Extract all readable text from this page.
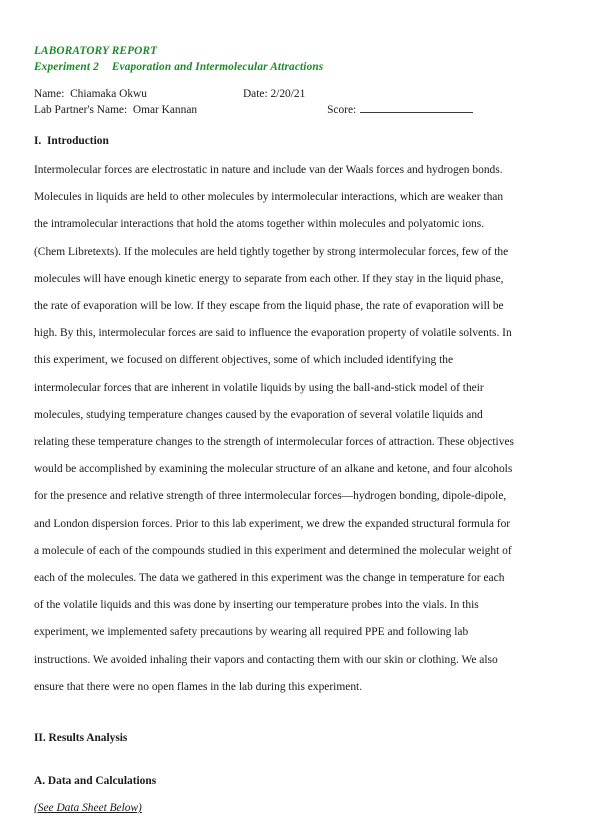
LABORATORY REPORT
Experiment 2 Evaporation and Intermolecular Attractions
Name:
Chiamaka Okwu	Date:
2/20/21
Lab Partner's Name:
Omar Kannan	Score:
I.  Introduction
Intermolecular forces are electrostatic in nature and include van der Waals forces and hydrogen bonds.
Molecules in liquids are held to other molecules by intermolecular interactions, which are weaker than
the intramolecular interactions that hold the atoms together within molecules and polyatomic ions.
(Chem Libretexts). If the molecules are held tightly together by strong intermolecular forces, few of the
molecules will have enough kinetic energy to separate from each other. If they stay in the liquid phase,
the rate of evaporation will be low. If they escape from the liquid phase, the rate of evaporation will be
high. By this, intermolecular forces are said to influence the evaporation property of volatile solvents. In
this experiment, we focused on different objectives, some of which included identifying the
intermolecular forces that are inherent in volatile liquids by using the ball-and-stick model of their
molecules, studying temperature changes caused by the evaporation of several volatile liquids and
relating these temperature changes to the strength of intermolecular forces of attraction. These objectives
would be accomplished by examining the molecular structure of an alkane and ketone, and four alcohols
for the presence and relative strength of three intermolecular forces—hydrogen bonding, dipole-dipole,
and London dispersion forces. Prior to this lab experiment, we drew the expanded structural formula for
a molecule of each of the compounds studied in this experiment and determined the molecular weight of
each of the molecules. The data we gathered in this experiment was the change in temperature for each
of the volatile liquids and this was done by inserting our temperature probes into the vials. In this
experiment, we implemented safety precautions by wearing all required PPE and following lab
instructions. We avoided inhaling their vapors and contacting them with our skin or clothing. We also
ensure that there were no open flames in the lab during this experiment.
II. Results Analysis
A. Data and Calculations
(See Data Sheet Below)
